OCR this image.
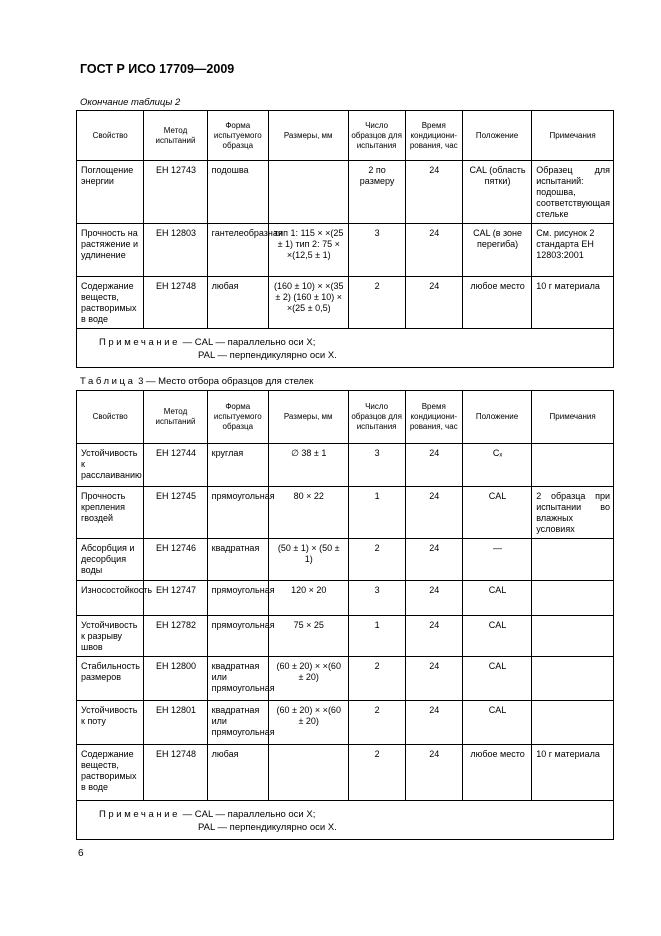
ГОСТ Р ИСО 17709—2009
Окончание таблицы 2
Свойство	Метод испытаний	Форма испытуемого образца	Размеры, мм	Число образцов для испытания	Время кондициони-рования, час	Положение	Примечания
Поглощение энергии	ЕН 12743	подошва		2 по размеру	24	CAL (область пятки)	Образец для испытаний: подошва, соответствующая стельке
Прочность на растяжение и удлинение	ЕН 12803	гантелеобразная	тип 1: 115 × ×(25 ± 1) тип 2: 75 × ×(12,5 ± 1)	3	24	CAL (в зоне перегиба)	См. рисунок 2 стандарта ЕН 12803:2001
Содержание веществ, растворимых в воде	ЕН 12748	любая	(160 ± 10) × ×(35 ± 2) (160 ± 10) × ×(25 ± 0,5)	2	24	любое место	10 г материала

Примечание — CAL — параллельно оси X;
PAL — перпендикулярно оси X.							
Таблица 3 — Место отбора образцов для стелек
Свойство	Метод испытаний	Форма испытуемого образца	Размеры, мм	Число образцов для испытания	Время кондициони-рования, час	Положение	Примечания
Устойчивость к расслаиванию	ЕН 12744	круглая	∅ 38 ± 1	3	24	Cₓ	
Прочность крепления гвоздей	ЕН 12745	прямоугольная	80 × 22	1	24	CAL	2 образца при испытании во влажных условиях
Абсорбция и десорбция воды	ЕН 12746	квадратная	(50 ± 1) × (50 ± 1)	2	24	—	
Износостойкость	ЕН 12747	прямоугольная	120 × 20	3	24	CAL	
Устойчивость к разрыву швов	ЕН 12782	прямоугольная	75 × 25	1	24	CAL	
Стабильность размеров	ЕН 12800	квадратная или прямоугольная	(60 ± 20) × ×(60 ± 20)	2	24	CAL	
Устойчивость к поту	ЕН 12801	квадратная или прямоугольная	(60 ± 20) × ×(60 ± 20)	2	24	CAL	
Содержание веществ, растворимых в воде	ЕН 12748	любая		2	24	любое место	10 г материала

Примечание — CAL — параллельно оси X;
PAL — перпендикулярно оси X.							
6
